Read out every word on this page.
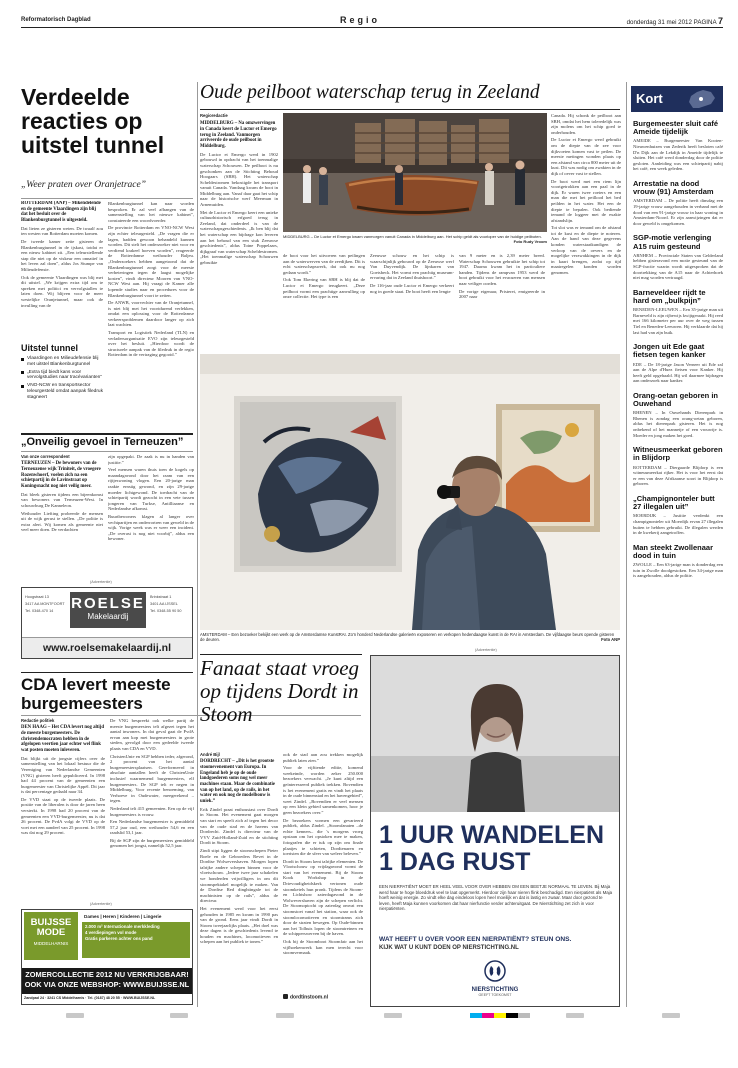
Reformatorisch Dagblad	Regio	donderdag 31 mei 2012 PAGINA 7
Verdeelde reacties op uitstel tunnel
„Weer praten over Oranjetrace”
ROTTERDAM (ANP) – Mikendelende en de gemeente Vlaardingen zijn blij dat het besluit over de Blankenburgtunnel is uitgesteld.

Dat lieten ze gisteren weten. De twaalf zou ten westen van Rotterdam moeten komen.

De tweede kamer zette gisteren de Blankenburgtunnel in de ijskast, totdat er een nieuw kabinet zit. „Een teleurstellende stap die niet op de viskeur een onnatief in het leven zal doen”, aldus Jos Stumpe van Milieudefensie.

Ook de gemeente Vlaardingen was blij met dit uitstel. „We krijgen extra tijd om te spreken met politici en vervolgstallen te laten doen. Wij blijven voor de meer westelijke Oranjetunnel, maar ook de invulling van de

Blankenburgtunnel kan naar worden besproken. Er zal veel afhangen van de samenstelling van het nieuwe kabinet”, constateerde een woordvoerder.

De provincie Rotterdam en VNO-NCW West zijn echter teleurgesteld. „De vragen die er lagen, hadden gewoon behandeld kunnen worden. Dit stelt het onderzoeker niet voor en verdiend krakeel hoeven worden”, reageerde de Rotterdamse wethouder Baljeu. „Onderzoekers hebben aangetoond dat de Blankenburgtunnel zorgt voor de meeste verbeteringen tegen de laagst mogelijke kosten”, vindt directeur Mooren van VNO-NCW West aan. Hij vraagt de Kamer alle lopende studies naar en procedures voor de Blankenburgtunnel voort te zetten.

De ANWB, voorvechter van de Oranjetunnel, is niet blij met het voortdurend verlekken, omdat een oplossing voor de Rotterdamse verkeersproblemen daardoor langer op zich laat wachten.

Transport en Logistiek Nederland (TLN) en verladersorganisatie EVO zijn teleurgesteld over het besluit. „Hierdoor wordt de structurele aanpak van de filedruk in de regio Rotterdam in de vertraging gegooid.”

Uitstel tunnel
Vlaardingen en Milieudefensie blij met uitstel Blankenburgtunnel
„Extra tijd biedt kans voor vervolgstudies naar tracévarianten”
VNO-NCW en transportsector teleurgesteld omdat aanpak filedruk stagneert
„Onveilig gevoel in Terneuzen”
Van onze correspondent
TERNEUZEN – De bewoners van de Terneuzense wijk Triniteit, de vroegere Rozenwhoerf, voelen zich na een schietpartij in de Lavinstraat op Koningsnacht nog niet veilig meer.

Dat bleek gisteren tijdens een bijeenkomst van bewoners van Terneuzen-West. In schouwburg De Kanneleon.

Wethouder Liefting probeerde de mensen uit de wijk gerust te stellen. „De politie is extra alert. Wij komen als gemeente niet veel meer doen. De verdachten

zijn opgepakt. De zaak is nu in handen van justitie.”

Veel mensen waren thuis toen de kogels op maandagavond door het raam van een rijtjeswoning vlogen. Een 20-jarige man raakte ernstig gewond, en zijn 29-jarige moeder lichtgewond. De toedracht van de schietpartij wordt gezocht in een vete tussen jongeren van Turkse, Antilliaanse en Nederlandse afkomst.

Buurtbewoners klagen al langer over vechtpartijen en onderrortren van geweld in de wijk. Vorige week was er weer een incident. „De overast is nog niet voorbij”, aldus een bewoner.

(Advertentie)
Hoogstraat 13
3417 AA MONTFOORT
Tel. 0348-470 14	ROELSE
Makelaardij
Brinkstraat 1
3401 AA IJSSEL
Tel. 0348-55 90 50
www.roelsemakelaardij.nl
Oude peilboot waterschap terug in Zeeland
Regioredactie
MIDDELBURG – Na omzwervingen in Canada keert de Luctor et Emergo terug in Zeeland. Vanmorgen arriveerde de oude peilboot in Middelburg.

De Luctor et Emergo werd in 1902 gebouwd in opdracht van het toenmalige waterschap Schouwen. De peilboot is nu geschonken aan de Stichting Behoud Hoogaars (SBH). Het waterschap Scheldestromen bekostigde het transport vanuit Canada. Vandaag kwam de boot in Middelburg aan. Vanaf daar gaat het schip naar de historische werf Meerman in Arnemuiden.

Met de Luctor et Emergo keert een unieke cultuurhistorisch erfgoed terug in Zeeland, dat onderdeel is van de waterschapsgeschiedenis. „Ik ben blij dat het waterschap een bijdrage kon leveren aan het behoud van een stuk Zeeuwse geschiedenis”, aldus Toine Poppelaars, dijkgraaf van waterschap Scheldestromen. „Het toenmalige waterschap Schouwen gebruikte

MIDDELBURG – De Luctor et Emergo kwam vanmorgen vanuit Canada in Middelburg aan. Het schip geldt als voorloper van de huidige peilboten.
Foto Rudy Vroom

de boot voor het uitvoeren van peilingen aan de waterwerven van de zeedijken. Dit is echt waterschapswerk, dat ook nu nog gedaan wordt.”

Ook Tom Ekering van SBH is blij dat de Luctor et Emergo terugkeert. „Deze peilboot vormt een prachtige aanvulling op onze collectie. Het type is een

Zeeuwse schouw en het schip is waarschijnlijk gebouwd op de Zeeuwse werf Van Duyvendijk. De lijnkaren van Goetsbeck. Het vormt een prachtig museum-ervaring dat in Zeeland thuishoort.”

De 116-jaar oude Luctor et Emergo verkeert nog in goede staat. De boot heeft een lengte

van 9 meter en is 2,39 meter breed. Waterschap Schouwen gebruikte het schip tot 1947. Daarna kwam het in particuliere handen. Tijdens de rampvan 1953 werd de boot gebruikt voor het evacueren van mensen naar veiliger oorden.

De vorige eigenaar, Pristerei, emigreerde in 2007 naar

Canada. Hij schonk de peilboot aan SBH, omdat het hem toleredelijk was zijn molens om het schip goed te onderhouden.

De Luctor et Emergo werd gebruikt om de diepte van de zee voor dijkvoeten komen vast te peilen. De meeste metingen wonden plaats op een afstand van circa 800 meter uit de kust. Dit was nodig om zwakten in de dijk of oever vast te stellen.

De boot werd met een riem lijn voortgetrokken aan een paal in de dijk. Er waren twee roeiers en een man die met het peillood het bed peilden in het water. Het een de diepte te bepalen. Ook bediende iemand de loggeer met de exakte afstandslijn.

Tot slot was er iemand om de afstand tot de kust en de diepte te noteren. Aan de hand van deze gegevens konden waterstaatkundigen de verloop van de oevers en de mogelijke verzwakkingen in de dijk in kaart brengen, zodat op tijd maatregelen konden worden genomen.

AMSTERDAM – Een bezoeker bekijkt een werk op de Amsterdamse KunstRAI. Zo'n honderd Nederlandse galerieën exposeren en verkopen hedendaagse kunst in de RAI in Amsterdam. De vijfdaagse beurs opende gisteren de deuren.	Foto ANP
CDA levert meeste burgemeesters
Redactie politiek
DEN HAAG – Het CDA levert nog altijd de meeste burgemeesters. De christendemocraten hebben in de afgelopen veertien jaar echter wel flink wat posten moeten inleveren.

Dat blijkt uit de jongste cijfers over de samenstelling van het lokaal bestuur die de Vereniging van Nederlandse Gemeenten (VNG) gisteren heeft gepubliceerd. In 1998 had 44 procent van de gemeenten een burgemeester van Christelijke Appèl. Dit jaar is dat percentage gedaald naar 34.

De VVD staat op de tweede plaats. De positie van de liberalen is door de jaren heen versterkt. In 1998 had 20 procent van de gemeenten een VVD-burgemeester, nu is dat 26 procent. De PvdA volgt de VVD op de voet met een aandeel van 25 procent. In 1998 was dat nog 29 procent.

De VNG bespreekt ook welke partij de meeste burgemeesters telt afgezet tegen het aantal inwoners. In dat geval gaat de PvdA ervan aan kop met burgemeesters in grote steden, gevolgd door een gedeelde tweede plaats van CDA en VVD.

ChristenUnie en SGP hebben ieder, afgerond, 2 procent van het aantal burgemeestersplaatsen. Gereformeerd in absolute aantallen heeft de ChristenUnie inclusief waarnemend burgemeesters, elf burgemeesters. De SGP telt er negen in Middelburg, Voor recente benoeming, van Verhoeve in Oudewater, meegerekend – tegen.

Nederland telt 415 gemeenten. Een op de vijf burgemeesters is vrouw.

Een Nederlandse burgemeester is gemiddeld 57,2 jaar oud, een wethouder 54,6 en een raadslid 53,1 jaar.

Bij de SGP zijn de burgemeesters gemiddeld genomen het jongst, namelijk 52,5 jaar.

(Advertentie)
BUIJSSE MODE
MIDDELHARNIS
Dames | Heren | Kinderen | Lingerie
2.000 m² Internationale merkkleding
4 verdiepingen vol mode
Gratis parkeren achter ons pand
ZOMERCOLLECTIE 2012 NU VERKRIJGBAAR!
OOK VIA ONZE WEBSHOP: WWW.BUIJSSE.NL
Zandpad 24 · 3241 CS Middelharnis · Tel. (0187) 48 20 55 · WWW.BUIJSSE.NL
Fanaat staat vroeg op tijdens Dordt in Stoom
André Bijl
DORDRECHT – „Dit is het grootste stoomevenement van Europa. In Engeland heb je op de oude landgoederen soms nog wel meer machines staan. Maar de combinatie van op het land, op de rails, in het water en ook nog de modelbouw is uniek.”

Erik Zindel praat enthousiast over Dordt in Stoom. Het evenement gaat morgen van start en speelt zich af tegen het decor van de oude stad en de havens van Dordrecht. Zindel is directeur van de VVV Zuid-Holland-Zuid en de stichting Dordt in Stoom.

Zindi stipt liggen de stoomschepen Pieter Boele en de Gebroeders Revet in de Dordtse Wolwevershaven. Morgen lopen talrijke andere schepen binnen voor de vloetschouw. „Iedere twee jaar schakelen we honderden vrijwilligers in om dit stoomspektakel mogelijk te maken. Van de Dordtse Red dinghtingale tot de machinisten op de rails”, aldus de directeur.

Het evenement werd voor het eerst gehouden in 1985 en kwam in 1990 pas van de grond. Eens jaar vindt Dordt in Stoom tweejaarlijks plaats. „Het doel was deze dagen is de geschiedenis levend te houden en machines, locomotieven en schepen aan het publiek te tonen.”

ook de stad aan zou trekken mogelijk publiek laten zien.”

Voor de vijftiende editie, komend weekeinde, worden zeker 250.000 bezoekers verwacht. „Je kunt altijd een geïnteresseerd publiek trekken. Bovendien is het evenement gratis en vindt het plaats in de oude binnenstad en het havengebied”, weet Zindel. „Bovendien er veel mensen op een klein gebied samenkomen, hoor je geen bezoekers over.”

De bezoekers vormen een gevarieerd publiek, aldus Zindel. „Stoomfanaten –de echte kenners– die 's morgens vroeg opstaan om het opstoken mee te maken, fotografen die er tuk op zijn om finale plaatjes te schieten, Dordtenaren en toeristen die de sfeer van weleer beleven.”

Dordt in Stoom kent talrijke elementen. De Vlootschouw op vrijdagavond vormt de start van het evenement. Bij de Stoom Kook Workshop in de Drievoudigheidskerk vertonen oude stoomketels hun pronk. Tijdens de Stoom- en Lichtshow zaterdagavond in de Wolwevershaven zijn de schepen verlicht. De Stoomoptocht op zaterdag omvat een stoomstoet vanaf het station, waar ook de stoomlocomotieven en stoomtrams zich door de straten bewegen. Op Oude-binnen aan het Tolhuis lopen de stoomtreinen en de schipperswerven bij de haven.

Ook bij de Stoomboot Stoomfair aan het vijfhoekenwerk kan men terecht voor stoomvermaak.

dordtinstoom.nl
(Advertentie)
1 UUR WANDELEN
1 DAG RUST
EEN NIERPATIËNT MOET ER HEEL VEEL VOOR OVER HEBBEN OM EEN BEETJE NORMAAL TE LEVEN. Bij Maja werd haar te hoge bloeddruk veel te laat opgemerkt. Hierdoor zijn haar nieren flink beschadigd. Een nierpatiënt als Maja hoeft weinig energie. Zo vindt elke dag eindeloos lopen heel moeilijk en dat is lastig en zwaar. Maar door gezond te leven, heeft Maja kunnen voorkomen dat haar nierfunctie verder achteruitgaat. De Nierstichting zet zich in voor nierpatiënten.
WAT HEEFT U OVER VOOR EEN NIERPATIËNT? STEUN ONS.
KIJK WAT U KUNT DOEN OP NIERSTICHTING.NL
NIERSTICHTING
GEEFT TOEKOMST
Kort
Burgemeester sluit café Ameide tijdelijk

AMEIDE – Burgemeester Van Kooten-Nieuwenhuizen van Zederik heeft besloten café D'n Dijk aan de Lekdijk in Ameide tijdelijk te sluiten. Het café werd donderdag door de politie gesloten. Aanleiding was een schietpartij nabij het café, een week geleden.

Arrestatie na dood vrouw (91) Amsterdam

AMSTERDAM – De politie heeft dinsdag een 19-jarige vrouw aangehouden in verband met de dood van een 91-jarige vrouw in haar woning in Amsterdam-Noord. Er zijn aanwijzingen dat er door geweld is omgekomen.

SGP-motie verlenging A15 ruim gesteund

ARNHEM – Provinciale Staten van Gelderland hebben gisteravond een motie gesteund van de SGP-fractie waarin wordt uitgesproken dat de doortrekking van de A15 naar de Achterhoek niet mag worden vertraagd.

Barneveldeer rijdt te hard om „bulkpijn”

BENEDEN-LEEUWEN – Een 35-jarige man uit Barneveld is zijn rijbewijs kwijtgeraakt. Hij reed met 166 kilometer per uur over de weg tussen Tiel en Beneden-Leeuwen. Hij verklaarde dat hij last had van zijn buik.

Jongen uit Ede gaat fietsen tegen kanker

EDE – De 18-jarige Jason Verneer uit Ede zal aan de Alpe d'Huez fietsen voor Kanker. Hij heeft geld opgehaald. Hij wil daarmee bijdragen aan onderzoek naar kanker.

Orang-oetan geboren in Ouwehand

RHENEN – In Ouwehands Dierenpark in Rhenen is zondag een orang-oetan geboren, aldus het dierenpark gisteren. Het is nog onbekend of het mannetje of een vrouwtje is. Moeder en jong maken het goed.

Witneusmeerkat geboren in Blijdorp

ROTTERDAM – Diergaarde Blijdorp is een witneusmeerkat rijker. Het is voor het eerst dat er een van deze Afrikaanse soort in Blijdorp is geboren.

„Champignonteler butt 27 illegalen uit”

MOERDIJK – Justitie verdenkt een champignonteler uit Moerdijk ervan 27 illegalen buiten te hebben gebruikt. De illegalen werden in de kwekerij aangetroffen.

Man steekt Zwollenaar dood in tuin

ZWOLLE – Een 63-jarige man is donderdag een tuin in Zwolle doodgestoken. Een 34-jarige man is aangehouden, aldus de politie.
